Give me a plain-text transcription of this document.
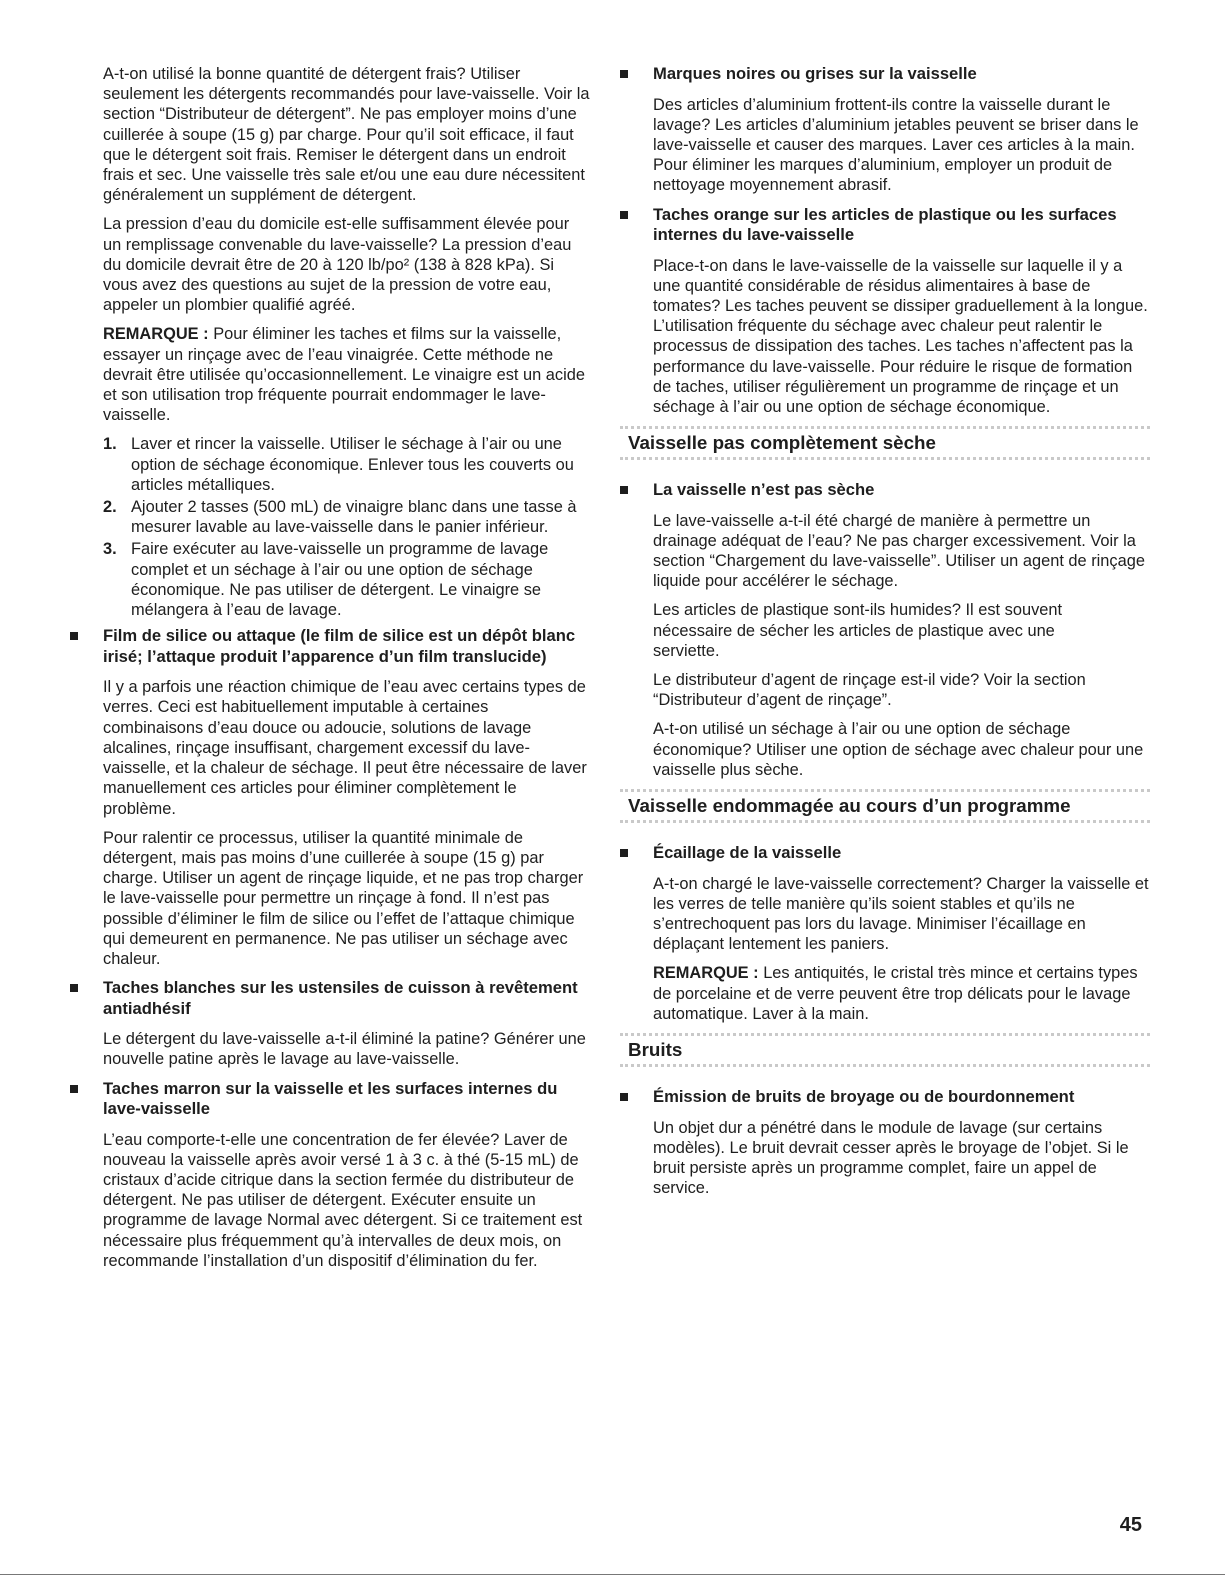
A-t-on utilisé la bonne quantité de détergent frais? Utiliser seulement les détergents recommandés pour lave-vaisselle. Voir la section “Distributeur de détergent”. Ne pas employer moins d’une cuillerée à soupe (15 g) par charge. Pour qu’il soit efficace, il faut que le détergent soit frais. Remiser le détergent dans un endroit frais et sec. Une vaisselle très sale et/ou une eau dure nécessitent généralement un supplément de détergent.

La pression d’eau du domicile est-elle suffisamment élevée pour un remplissage convenable du lave-vaisselle? La pression d’eau du domicile devrait être de 20 à 120 lb/po² (138 à 828 kPa). Si vous avez des questions au sujet de la pression de votre eau, appeler un plombier qualifié agréé.

REMARQUE : Pour éliminer les taches et films sur la vaisselle, essayer un rinçage avec de l’eau vinaigrée. Cette méthode ne devrait être utilisée qu’occasionnellement. Le vinaigre est un acide et son utilisation trop fréquente pourrait endommager le lave-vaisselle.

1. Laver et rincer la vaisselle. Utiliser le séchage à l’air ou une option de séchage économique. Enlever tous les couverts ou articles métalliques.
2. Ajouter 2 tasses (500 mL) de vinaigre blanc dans une tasse à mesurer lavable au lave-vaisselle dans le panier inférieur.
3. Faire exécuter au lave-vaisselle un programme de lavage complet et un séchage à l’air ou une option de séchage économique. Ne pas utiliser de détergent. Le vinaigre se mélangera à l’eau de lavage.
Film de silice ou attaque (le film de silice est un dépôt blanc irisé; l’attaque produit l’apparence d’un film translucide)

Il y a parfois une réaction chimique de l’eau avec certains types de verres. Ceci est habituellement imputable à certaines combinaisons d’eau douce ou adoucie, solutions de lavage alcalines, rinçage insuffisant, chargement excessif du lave-vaisselle, et la chaleur de séchage. Il peut être nécessaire de laver manuellement ces articles pour éliminer complètement le problème.

Pour ralentir ce processus, utiliser la quantité minimale de détergent, mais pas moins d’une cuillerée à soupe (15 g) par charge. Utiliser un agent de rinçage liquide, et ne pas trop charger le lave-vaisselle pour permettre un rinçage à fond. Il n’est pas possible d’éliminer le film de silice ou l’effet de l’attaque chimique qui demeurent en permanence. Ne pas utiliser un séchage avec chaleur.

Taches blanches sur les ustensiles de cuisson à revêtement antiadhésif

Le détergent du lave-vaisselle a-t-il éliminé la patine? Générer une nouvelle patine après le lavage au lave-vaisselle.

Taches marron sur la vaisselle et les surfaces internes du lave-vaisselle

L’eau comporte-t-elle une concentration de fer élevée? Laver de nouveau la vaisselle après avoir versé 1 à 3 c. à thé (5-15 mL) de cristaux d’acide citrique dans la section fermée du distributeur de détergent. Ne pas utiliser de détergent. Exécuter ensuite un programme de lavage Normal avec détergent. Si ce traitement est nécessaire plus fréquemment qu’à intervalles de deux mois, on recommande l’installation d’un dispositif d’élimination du fer.

Marques noires ou grises sur la vaisselle

Des articles d’aluminium frottent-ils contre la vaisselle durant le lavage? Les articles d’aluminium jetables peuvent se briser dans le lave-vaisselle et causer des marques. Laver ces articles à la main. Pour éliminer les marques d’aluminium, employer un produit de nettoyage moyennement abrasif.

Taches orange sur les articles de plastique ou les surfaces internes du lave-vaisselle

Place-t-on dans le lave-vaisselle de la vaisselle sur laquelle il y a une quantité considérable de résidus alimentaires à base de tomates? Les taches peuvent se dissiper graduellement à la longue. L’utilisation fréquente du séchage avec chaleur peut ralentir le processus de dissipation des taches. Les taches n’affectent pas la performance du lave-vaisselle. Pour réduire le risque de formation de taches, utiliser régulièrement un programme de rinçage et un séchage à l’air ou une option de séchage économique.

Vaisselle pas complètement sèche
La vaisselle n’est pas sèche

Le lave-vaisselle a-t-il été chargé de manière à permettre un drainage adéquat de l’eau? Ne pas charger excessivement. Voir la section “Chargement du lave-vaisselle”. Utiliser un agent de rinçage liquide pour accélérer le séchage.

Les articles de plastique sont-ils humides? Il est souvent nécessaire de sécher les articles de plastique avec une serviette.

Le distributeur d’agent de rinçage est-il vide? Voir la section “Distributeur d’agent de rinçage”.

A-t-on utilisé un séchage à l’air ou une option de séchage économique? Utiliser une option de séchage avec chaleur pour une vaisselle plus sèche.

Vaisselle endommagée au cours d’un programme
Écaillage de la vaisselle

A-t-on chargé le lave-vaisselle correctement? Charger la vaisselle et les verres de telle manière qu’ils soient stables et qu’ils ne s’entrechoquent pas lors du lavage. Minimiser l’écaillage en déplaçant lentement les paniers.

REMARQUE : Les antiquités, le cristal très mince et certains types de porcelaine et de verre peuvent être trop délicats pour le lavage automatique. Laver à la main.

Bruits
Émission de bruits de broyage ou de bourdonnement

Un objet dur a pénétré dans le module de lavage (sur certains modèles). Le bruit devrait cesser après le broyage de l’objet. Si le bruit persiste après un programme complet, faire un appel de service.

45
